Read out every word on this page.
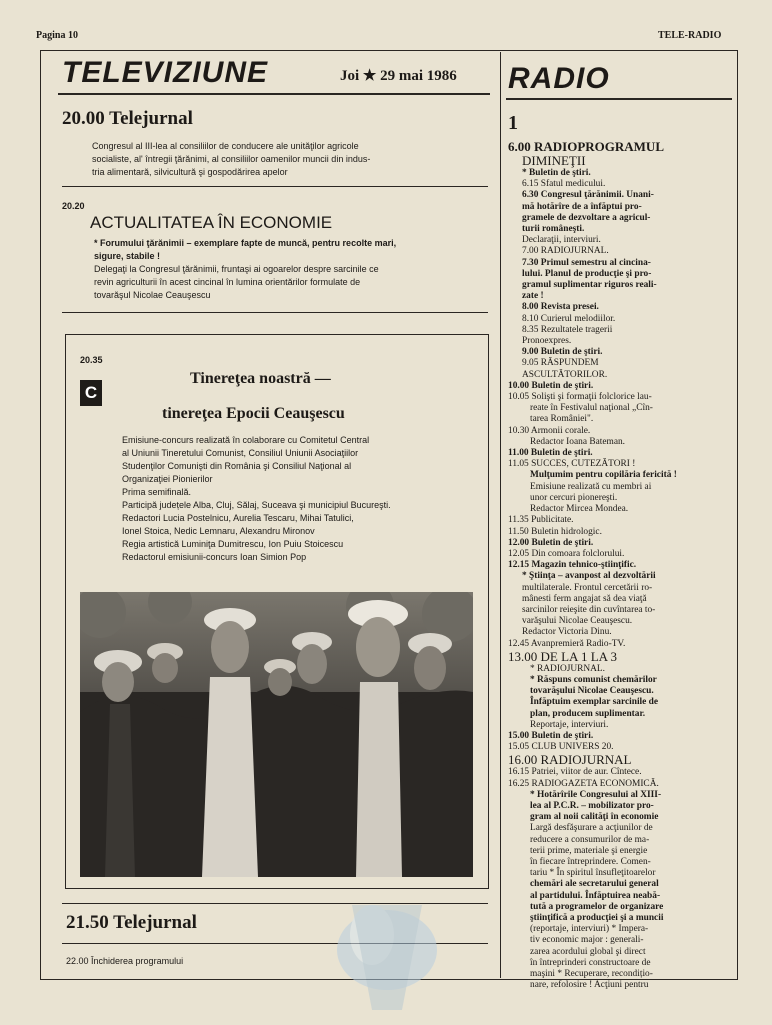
Pagina 10	TELE-RADIO
TELEVIZIUNE	Joi ★ 29 mai 1986
20.00 Telejurnal
Congresul al III-lea al consiliilor de conducere ale unităţilor agricole
socialiste, al' întregii ţărănimi, al consiliilor oamenilor muncii din indus-
tria alimentară, silvicultură şi gospodărirea apelor
20.20
ACTUALITATEA ÎN ECONOMIE
* Forumului ţărănimii – exemplare fapte de muncă, pentru recolte mari,
sigure, stabile !
Delegaţi la Congresul ţărănimii, fruntaşi ai ogoarelor despre sarcinile ce
revin agriculturii în acest cincinal în lumina orientărilor formulate de
tovarăşul Nicolae Ceauşescu
20.35
C
Tinereţea noastră —
tinereţea Epocii Ceauşescu
Emisiune-concurs realizată în colaborare cu Comitetul Central
al Uniunii Tineretului Comunist, Consiliul Uniunii Asociaţiilor
Studenţilor Comunişti din România şi Consiliul Naţional al
Organizaţiei Pionierilor
Prima semifinală.
Participă județele Alba, Cluj, Sălaj, Suceava şi municipiul Bucureşti.
Redactori Lucia Postelnicu, Aurelia Tescaru, Mihai Tatulici,
Ionel Stoica, Nedic Lemnaru, Alexandru Mironov
Regia artistică Luminiţa Dumitrescu, Ion Puiu Stoicescu
Redactorul emisiunii-concurs Ioan Simion Pop
21.50 Telejurnal
22.00 Închiderea programului
RADIO
1
6.00 RADIOPROGRAMUL
DIMINEŢII
* Buletin de ştiri.
6.15 Sfatul medicului.
6.30 Congresul ţărănimii. Unani-
mă hotărîre de a înfăptui pro-
gramele de dezvoltare a agricul-
turii româneşti.
Declaraţii, interviuri.
7.00 RADIOJURNAL.
7.30 Primul semestru al cincina-
lului. Planul de producţie şi pro-
gramul suplimentar riguros reali-
zate !
8.00 Revista presei.
8.10 Curierul melodiilor.
8.35 Rezultatele tragerii
Pronoexpres.
9.00 Buletin de ştiri.
9.05 RĂSPUNDEM
ASCULTĂTORILOR.
10.00 Buletin de ştiri.
10.05 Solişti şi formaţii folclorice lau-
reate în Festivalul naţional „Cîn-
tarea României".
10.30 Armonii corale.
Redactor Ioana Bateman.
11.00 Buletin de ştiri.
11.05 SUCCES, CUTEZĂTORI !
Mulţumim pentru copilăria fericită !
Emisiune realizată cu membri ai
unor cercuri pionereşti.
Redactor Mircea Mondea.
11.35 Publicitate.
11.50 Buletin hidrologic.
12.00 Buletin de ştiri.
12.05 Din comoara folclorului.
12.15 Magazin tehnico-ştiinţific.
* Ştiinţa – avanpost al dezvoltării
multilaterale. Frontul cercetării ro-
mânesti ferm angajat să dea viaţă
sarcinilor reieşite din cuvîntarea to-
varăşului Nicolae Ceauşescu.
Redactor Victoria Dinu.
12.45 Avanpremieră Radio-TV.
13.00 DE LA 1 LA 3
* RADIOJURNAL.
* Răspuns comunist chemărilor
tovarăşului Nicolae Ceauşescu.
Înfăptuim exemplar sarcinile de
plan, producem suplimentar.
Reportaje, interviuri.
15.00 Buletin de ştiri.
15.05 CLUB UNIVERS 20.
16.00 RADIOJURNAL
16.15 Patriei, viitor de aur. Cîntece.
16.25 RADIOGAZETA ECONOMICĂ.
* Hotărîrile Congresului al XIII-
lea al P.C.R. – mobilizator pro-
gram al noii calităţi în economie
Largă desfăşurare a acţiunilor de
reducere a consumurilor de ma-
terii prime, materiale şi energie
în fiecare întreprindere. Comen-
tariu * În spiritul însufleţitoarelor
chemări ale secretarului general
al partidului. Înfăptuirea neabă-
tută a programelor de organizare
ştiinţifică a producţiei şi a muncii
(reportaje, interviuri) * Impera-
tiv economic major : generali-
zarea acordului global şi direct
în întreprinderi constructoare de
maşini * Recuperare, recondițio-
nare, refolosire ! Acţiuni pentru
